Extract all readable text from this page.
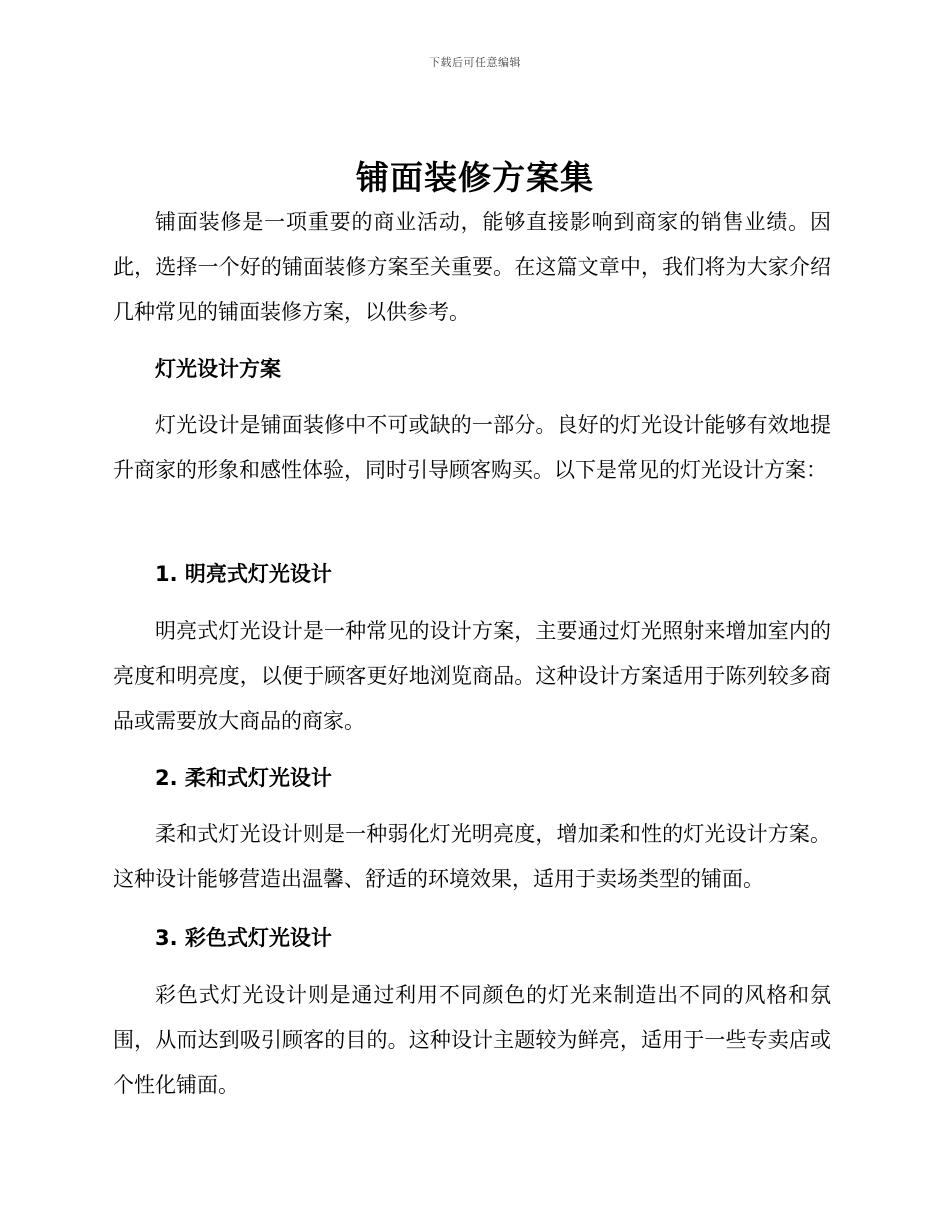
下载后可任意编辑
铺面装修方案集

铺面装修是一项重要的商业活动，能够直接影响到商家的销售业绩。因此，选择一个好的铺面装修方案至关重要。在这篇文章中，我们将为大家介绍几种常见的铺面装修方案，以供参考。

灯光设计方案

灯光设计是铺面装修中不可或缺的一部分。良好的灯光设计能够有效地提升商家的形象和感性体验，同时引导顾客购买。以下是常见的灯光设计方案：

1. 明亮式灯光设计

明亮式灯光设计是一种常见的设计方案，主要通过灯光照射来增加室内的亮度和明亮度，以便于顾客更好地浏览商品。这种设计方案适用于陈列较多商品或需要放大商品的商家。

2. 柔和式灯光设计

柔和式灯光设计则是一种弱化灯光明亮度，增加柔和性的灯光设计方案。这种设计能够营造出温馨、舒适的环境效果，适用于卖场类型的铺面。

3. 彩色式灯光设计

彩色式灯光设计则是通过利用不同颜色的灯光来制造出不同的风格和氛围，从而达到吸引顾客的目的。这种设计主题较为鲜亮，适用于一些专卖店或个性化铺面。
